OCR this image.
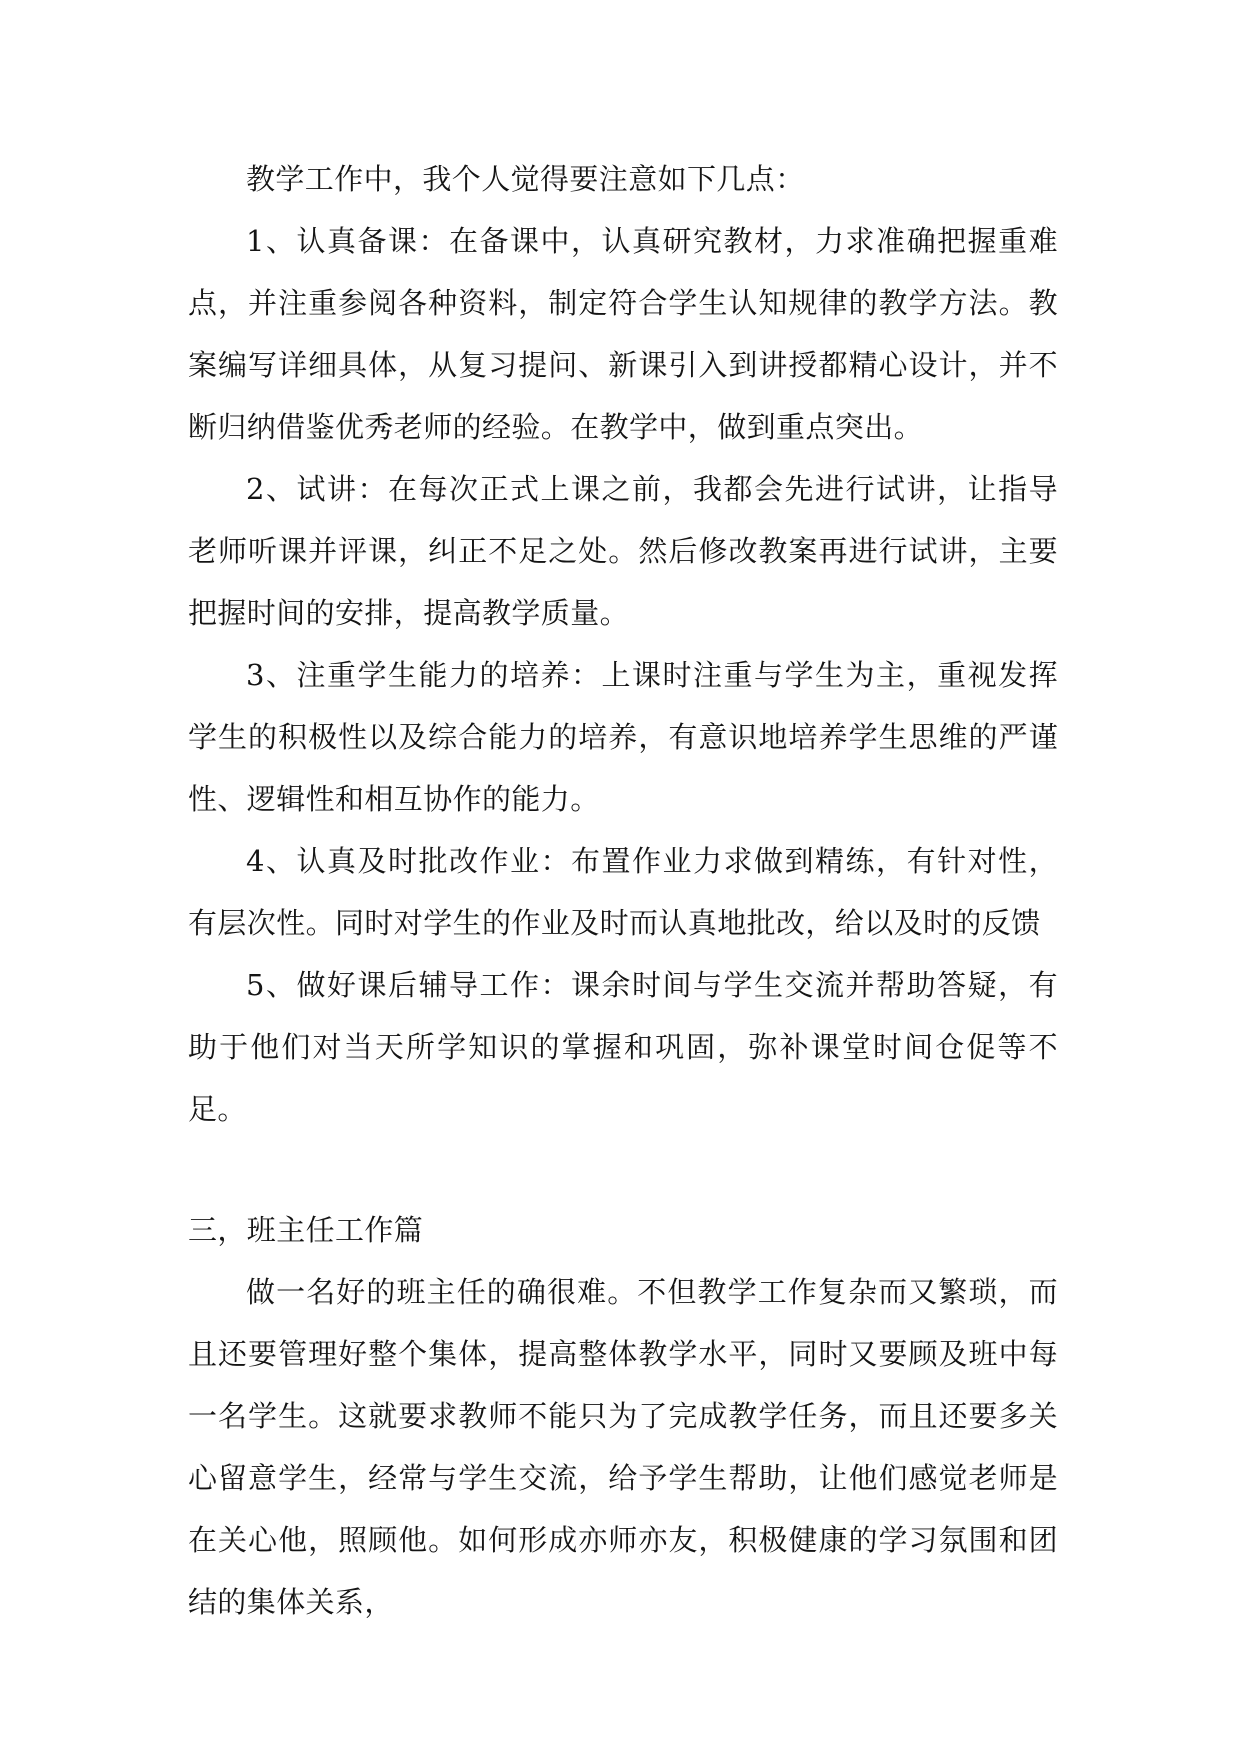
教学工作中，我个人觉得要注意如下几点：

1、认真备课：在备课中，认真研究教材，力求准确把握重难点，并注重参阅各种资料，制定符合学生认知规律的教学方法。教案编写详细具体，从复习提问、新课引入到讲授都精心设计，并不断归纳借鉴优秀老师的经验。在教学中，做到重点突出。

2、试讲：在每次正式上课之前，我都会先进行试讲，让指导老师听课并评课，纠正不足之处。然后修改教案再进行试讲，主要把握时间的安排，提高教学质量。

3、注重学生能力的培养：上课时注重与学生为主，重视发挥学生的积极性以及综合能力的培养，有意识地培养学生思维的严谨性、逻辑性和相互协作的能力。

4、认真及时批改作业：布置作业力求做到精练，有针对性，有层次性。同时对学生的作业及时而认真地批改，给以及时的反馈

5、做好课后辅导工作：课余时间与学生交流并帮助答疑，有助于他们对当天所学知识的掌握和巩固，弥补课堂时间仓促等不足。

三，班主任工作篇

做一名好的班主任的确很难。不但教学工作复杂而又繁琐，而且还要管理好整个集体，提高整体教学水平，同时又要顾及班中每一名学生。这就要求教师不能只为了完成教学任务，而且还要多关心留意学生，经常与学生交流，给予学生帮助，让他们感觉老师是在关心他，照顾他。如何形成亦师亦友，积极健康的学习氛围和团结的集体关系，
